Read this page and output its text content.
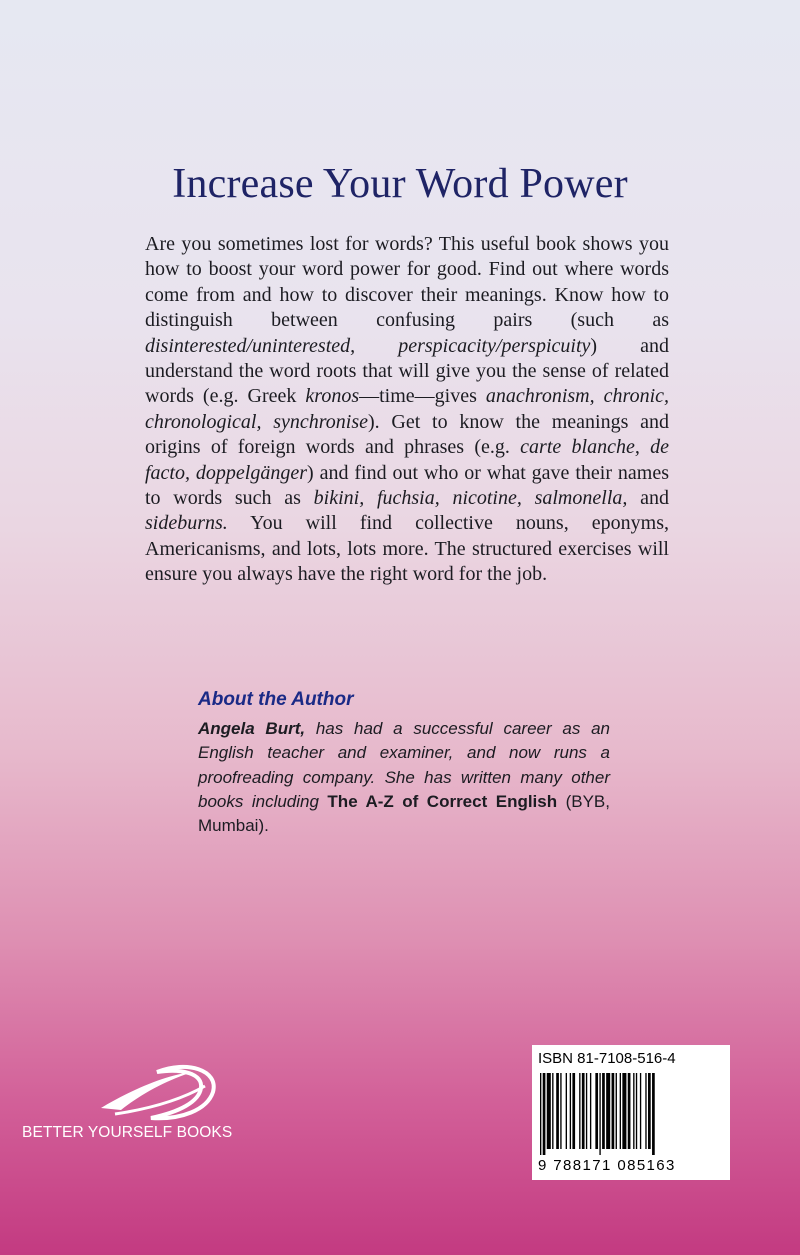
Increase Your Word Power

Are you sometimes lost for words? This useful book shows you how to boost your word power for good. Find out where words come from and how to discover their meanings. Know how to distinguish between confusing pairs (such as disinterested/uninterested, perspicacity/perspicuity) and understand the word roots that will give you the sense of related words (e.g. Greek kronos—time—gives anachronism, chronic, chronological, synchronise). Get to know the meanings and origins of foreign words and phrases (e.g. carte blanche, de facto, doppelgänger) and find out who or what gave their names to words such as bikini, fuchsia, nicotine, salmonella, and sideburns. You will find collective nouns, eponyms, Americanisms, and lots, lots more. The structured exercises will ensure you always have the right word for the job.

About the Author

Angela Burt, has had a successful career as an English teacher and examiner, and now runs a proofreading company. She has written many other books including The A-Z of Correct English (BYB, Mumbai).

BETTER YOURSELF BOOKS
ISBN 81-7108-516-4
9 788171 085163
